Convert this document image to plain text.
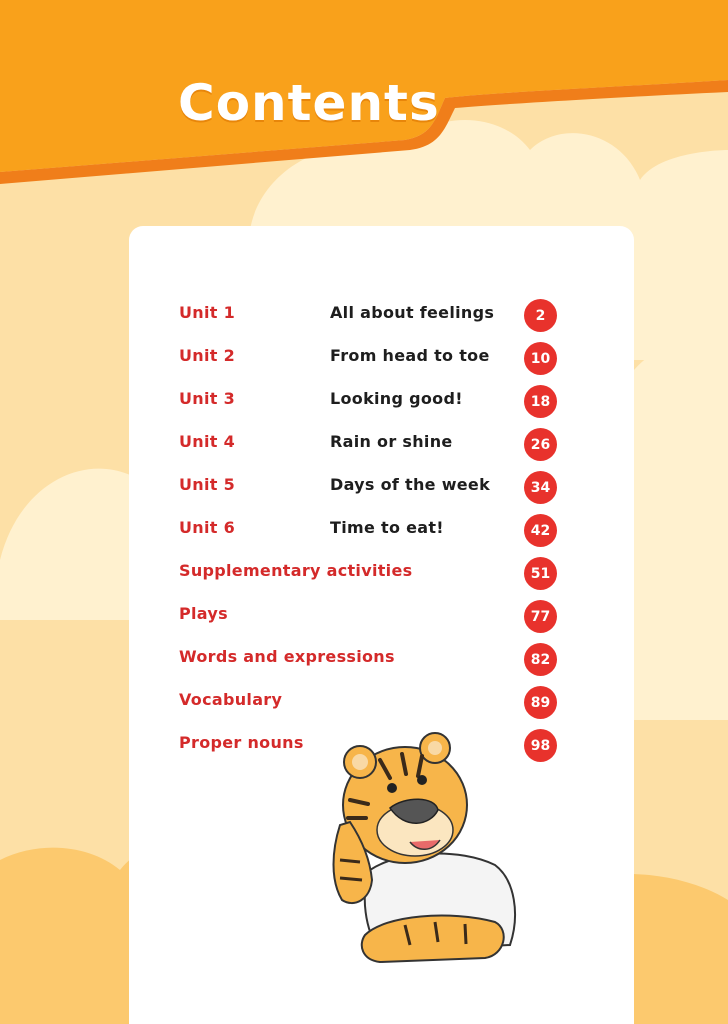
Contents
Unit 1	All about feelings	2
Unit 2	From head to toe	10
Unit 3	Looking good!	18
Unit 4	Rain or shine	26
Unit 5	Days of the week	34
Unit 6	Time to eat!	42
Supplementary activities	51
Plays	77
Words and expressions	82
Vocabulary	89
Proper nouns	98
